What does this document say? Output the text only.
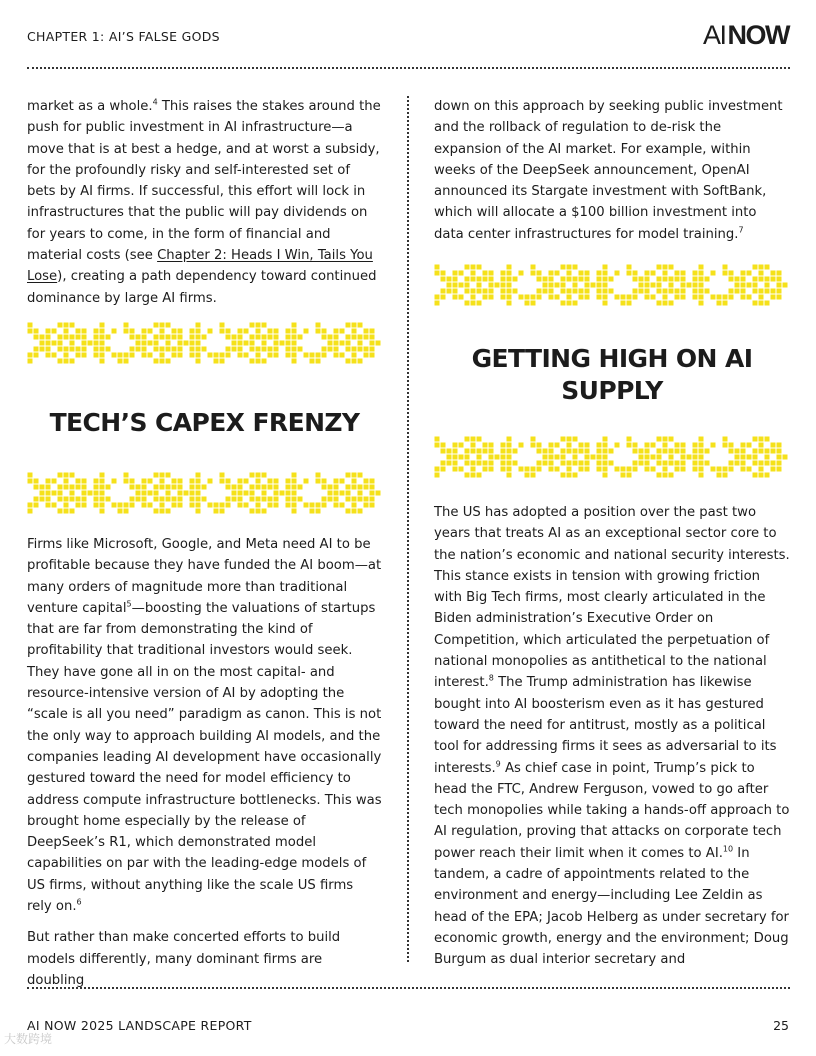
CHAPTER 1: AI’S FALSE GODS	AINOW

market as a whole.$^4$ This raises the stakes around the push for public investment in AI infrastructure—a move that is at best a hedge, and at worst a subsidy, for the profoundly risky and self-interested set of bets by AI firms. If successful, this effort will lock in infrastructures that the public will pay dividends on for years to come, in the form of financial and material costs (see Chapter 2: Heads I Win, Tails You Lose), creating a path dependency toward continued dominance by large AI firms.

TECH’S CAPEX FRENZY

Firms like Microsoft, Google, and Meta need AI to be profitable because they have funded the AI boom—at many orders of magnitude more than traditional venture capital$^5$—boosting the valuations of startups that are far from demonstrating the kind of profitability that traditional investors would seek. They have gone all in on the most capital- and resource-intensive version of AI by adopting the “scale is all you need” paradigm as canon. This is not the only way to approach building AI models, and the companies leading AI development have occasionally gestured toward the need for model efficiency to address compute infrastructure bottlenecks. This was brought home especially by the release of DeepSeek’s R1, which demonstrated model capabilities on par with the leading-edge models of US firms, without anything like the scale US firms rely on.$^6$

But rather than make concerted efforts to build models differently, many dominant firms are doubling

down on this approach by seeking public investment and the rollback of regulation to de-risk the expansion of the AI market. For example, within weeks of the DeepSeek announcement, OpenAI announced its Stargate investment with SoftBank, which will allocate a $100 billion investment into data center infrastructures for model training.$^7$

GETTING HIGH ON AI SUPPLY

The US has adopted a position over the past two years that treats AI as an exceptional sector core to the nation’s economic and national security interests. This stance exists in tension with growing friction with Big Tech firms, most clearly articulated in the Biden administration’s Executive Order on Competition, which articulated the perpetuation of national monopolies as antithetical to the national interest.$^8$ The Trump administration has likewise bought into AI boosterism even as it has gestured toward the need for antitrust, mostly as a political tool for addressing firms it sees as adversarial to its interests.$^9$ As chief case in point, Trump’s pick to head the FTC, Andrew Ferguson, vowed to go after tech monopolies while taking a hands-off approach to AI regulation, proving that attacks on corporate tech power reach their limit when it comes to AI.$^{10}$ In tandem, a cadre of appointments related to the environment and energy—including Lee Zeldin as head of the EPA; Jacob Helberg as under secretary for economic growth, energy and the environment; Doug Burgum as dual interior secretary and

AI NOW 2025 LANDSCAPE REPORT	25
大数跨境
